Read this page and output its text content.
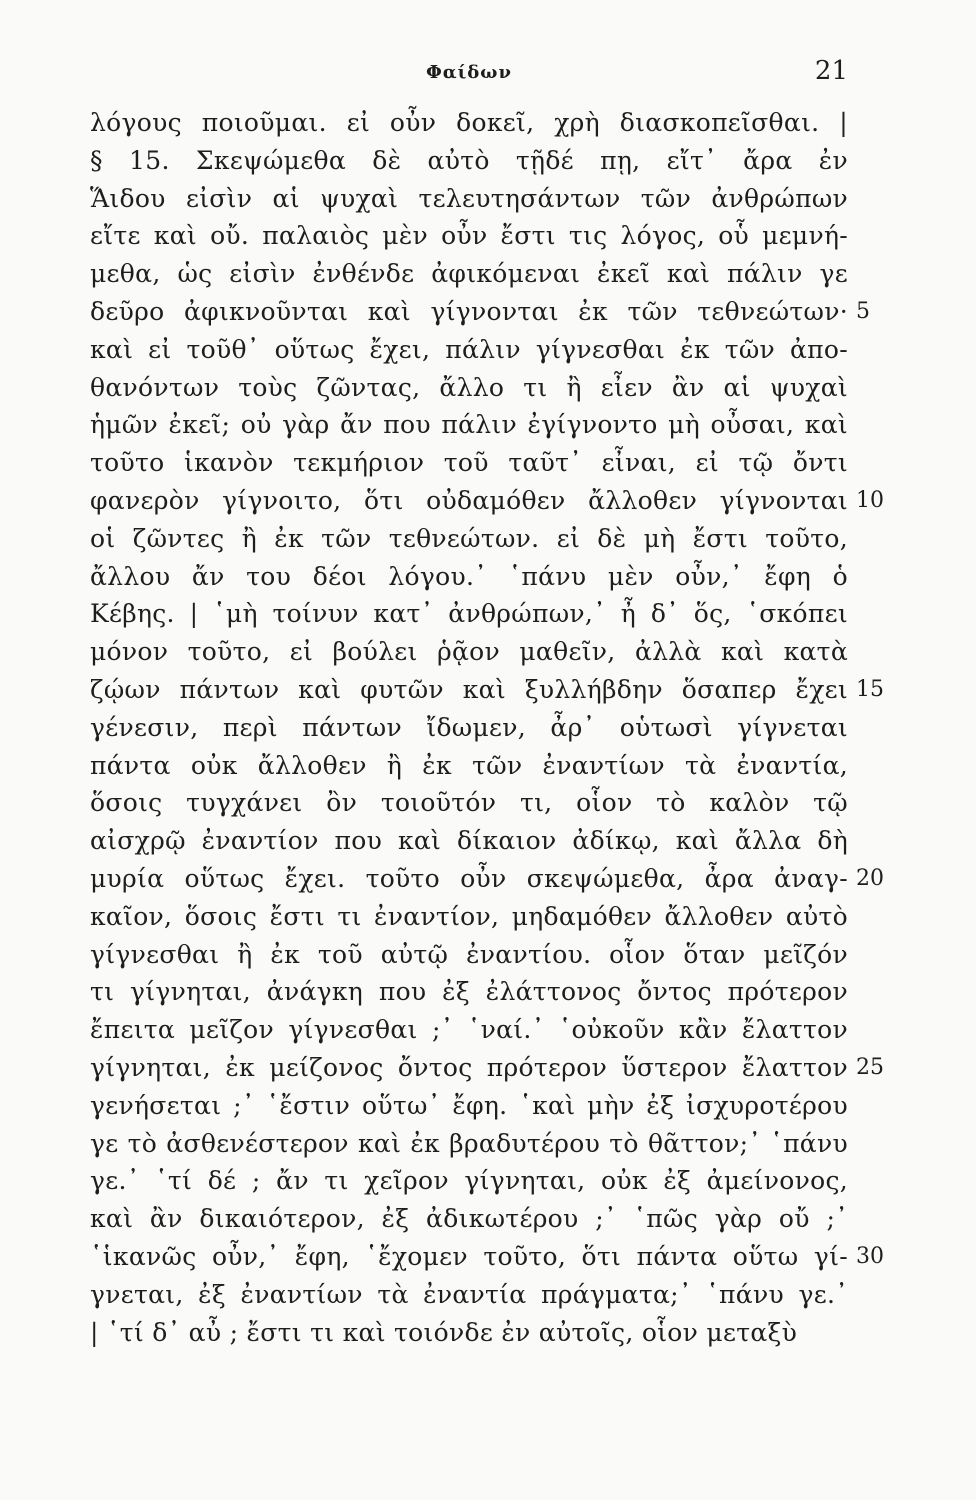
Φαίδων	21
λόγους ποιοῦμαι. εἰ οὖν δοκεῖ, χρὴ διασκοπεῖσθαι. |
§ 15. Σκεψώμεθα δὲ αὐτὸ τῇδέ πῃ, εἴτ᾽ ἄρα ἐν
Ἅιδου εἰσὶν αἱ ψυχαὶ τελευτησάντων τῶν ἀνθρώπων
εἴτε καὶ οὔ. παλαιὸς μὲν οὖν ἔστι τις λόγος, οὗ μεμνή-
μεθα, ὡς εἰσὶν ἐνθένδε ἀφικόμεναι ἐκεῖ καὶ πάλιν γε
δεῦρο ἀφικνοῦνται καὶ γίγνονται ἐκ τῶν τεθνεώτων· 5
καὶ εἰ τοῦθ᾽ οὕτως ἔχει, πάλιν γίγνεσθαι ἐκ τῶν ἀπο-
θανόντων τοὺς ζῶντας, ἄλλο τι ἢ εἶεν ἂν αἱ ψυχαὶ
ἡμῶν ἐκεῖ; οὐ γὰρ ἄν που πάλιν ἐγίγνοντο μὴ οὖσαι, καὶ
τοῦτο ἱκανὸν τεκμήριον τοῦ ταῦτ᾽ εἶναι, εἰ τῷ ὄντι
φανερὸν γίγνοιτο, ὅτι οὐδαμόθεν ἄλλοθεν γίγνονται 10
οἱ ζῶντες ἢ ἐκ τῶν τεθνεώτων. εἰ δὲ μὴ ἔστι τοῦτο,
ἄλλου ἄν του δέοι λόγου.᾽ ῾πάνυ μὲν οὖν,᾽ ἔφη ὁ
Κέβης. | ῾μὴ τοίνυν κατ᾽ ἀνθρώπων,᾽ ἦ δ᾽ ὅς, ῾σκόπει
μόνον τοῦτο, εἰ βούλει ῥᾷον μαθεῖν, ἀλλὰ καὶ κατὰ
ζῴων πάντων καὶ φυτῶν καὶ ξυλλήβδην ὅσαπερ ἔχει 15
γένεσιν, περὶ πάντων ἴδωμεν, ἆρ᾽ οὑτωσὶ γίγνεται
πάντα οὐκ ἄλλοθεν ἢ ἐκ τῶν ἐναντίων τὰ ἐναντία,
ὅσοις τυγχάνει ὂν τοιοῦτόν τι, οἷον τὸ καλὸν τῷ
αἰσχρῷ ἐναντίον που καὶ δίκαιον ἀδίκῳ, καὶ ἄλλα δὴ
μυρία οὕτως ἔχει. τοῦτο οὖν σκεψώμεθα, ἆρα ἀναγ- 20
καῖον, ὅσοις ἔστι τι ἐναντίον, μηδαμόθεν ἄλλοθεν αὐτὸ
γίγνεσθαι ἢ ἐκ τοῦ αὐτῷ ἐναντίου. οἷον ὅταν μεῖζόν
τι γίγνηται, ἀνάγκη που ἐξ ἐλάττονος ὄντος πρότερον
ἔπειτα μεῖζον γίγνεσθαι ;᾽ ῾ναί.᾽ ῾οὐκοῦν κἂν ἔλαττον
γίγνηται, ἐκ μείζονος ὄντος πρότερον ὕστερον ἔλαττον 25
γενήσεται ;᾽ ῾ἔστιν οὕτω᾽ ἔφη. ῾καὶ μὴν ἐξ ἰσχυροτέρου
γε τὸ ἀσθενέστερον καὶ ἐκ βραδυτέρου τὸ θᾶττον;᾽ ῾πάνυ
γε.᾽ ῾τί δέ ; ἄν τι χεῖρον γίγνηται, οὐκ ἐξ ἀμείνονος,
καὶ ἂν δικαιότερον, ἐξ ἀδικωτέρου ;᾽ ῾πῶς γὰρ οὔ ;᾽
῾ἱκανῶς οὖν,᾽ ἔφη, ῾ἔχομεν τοῦτο, ὅτι πάντα οὕτω γί- 30
γνεται, ἐξ ἐναντίων τὰ ἐναντία πράγματα;᾽ ῾πάνυ γε.᾽
| ῾τί δ᾽ αὖ ; ἔστι τι καὶ τοιόνδε ἐν αὐτοῖς, οἷον μεταξὺ
